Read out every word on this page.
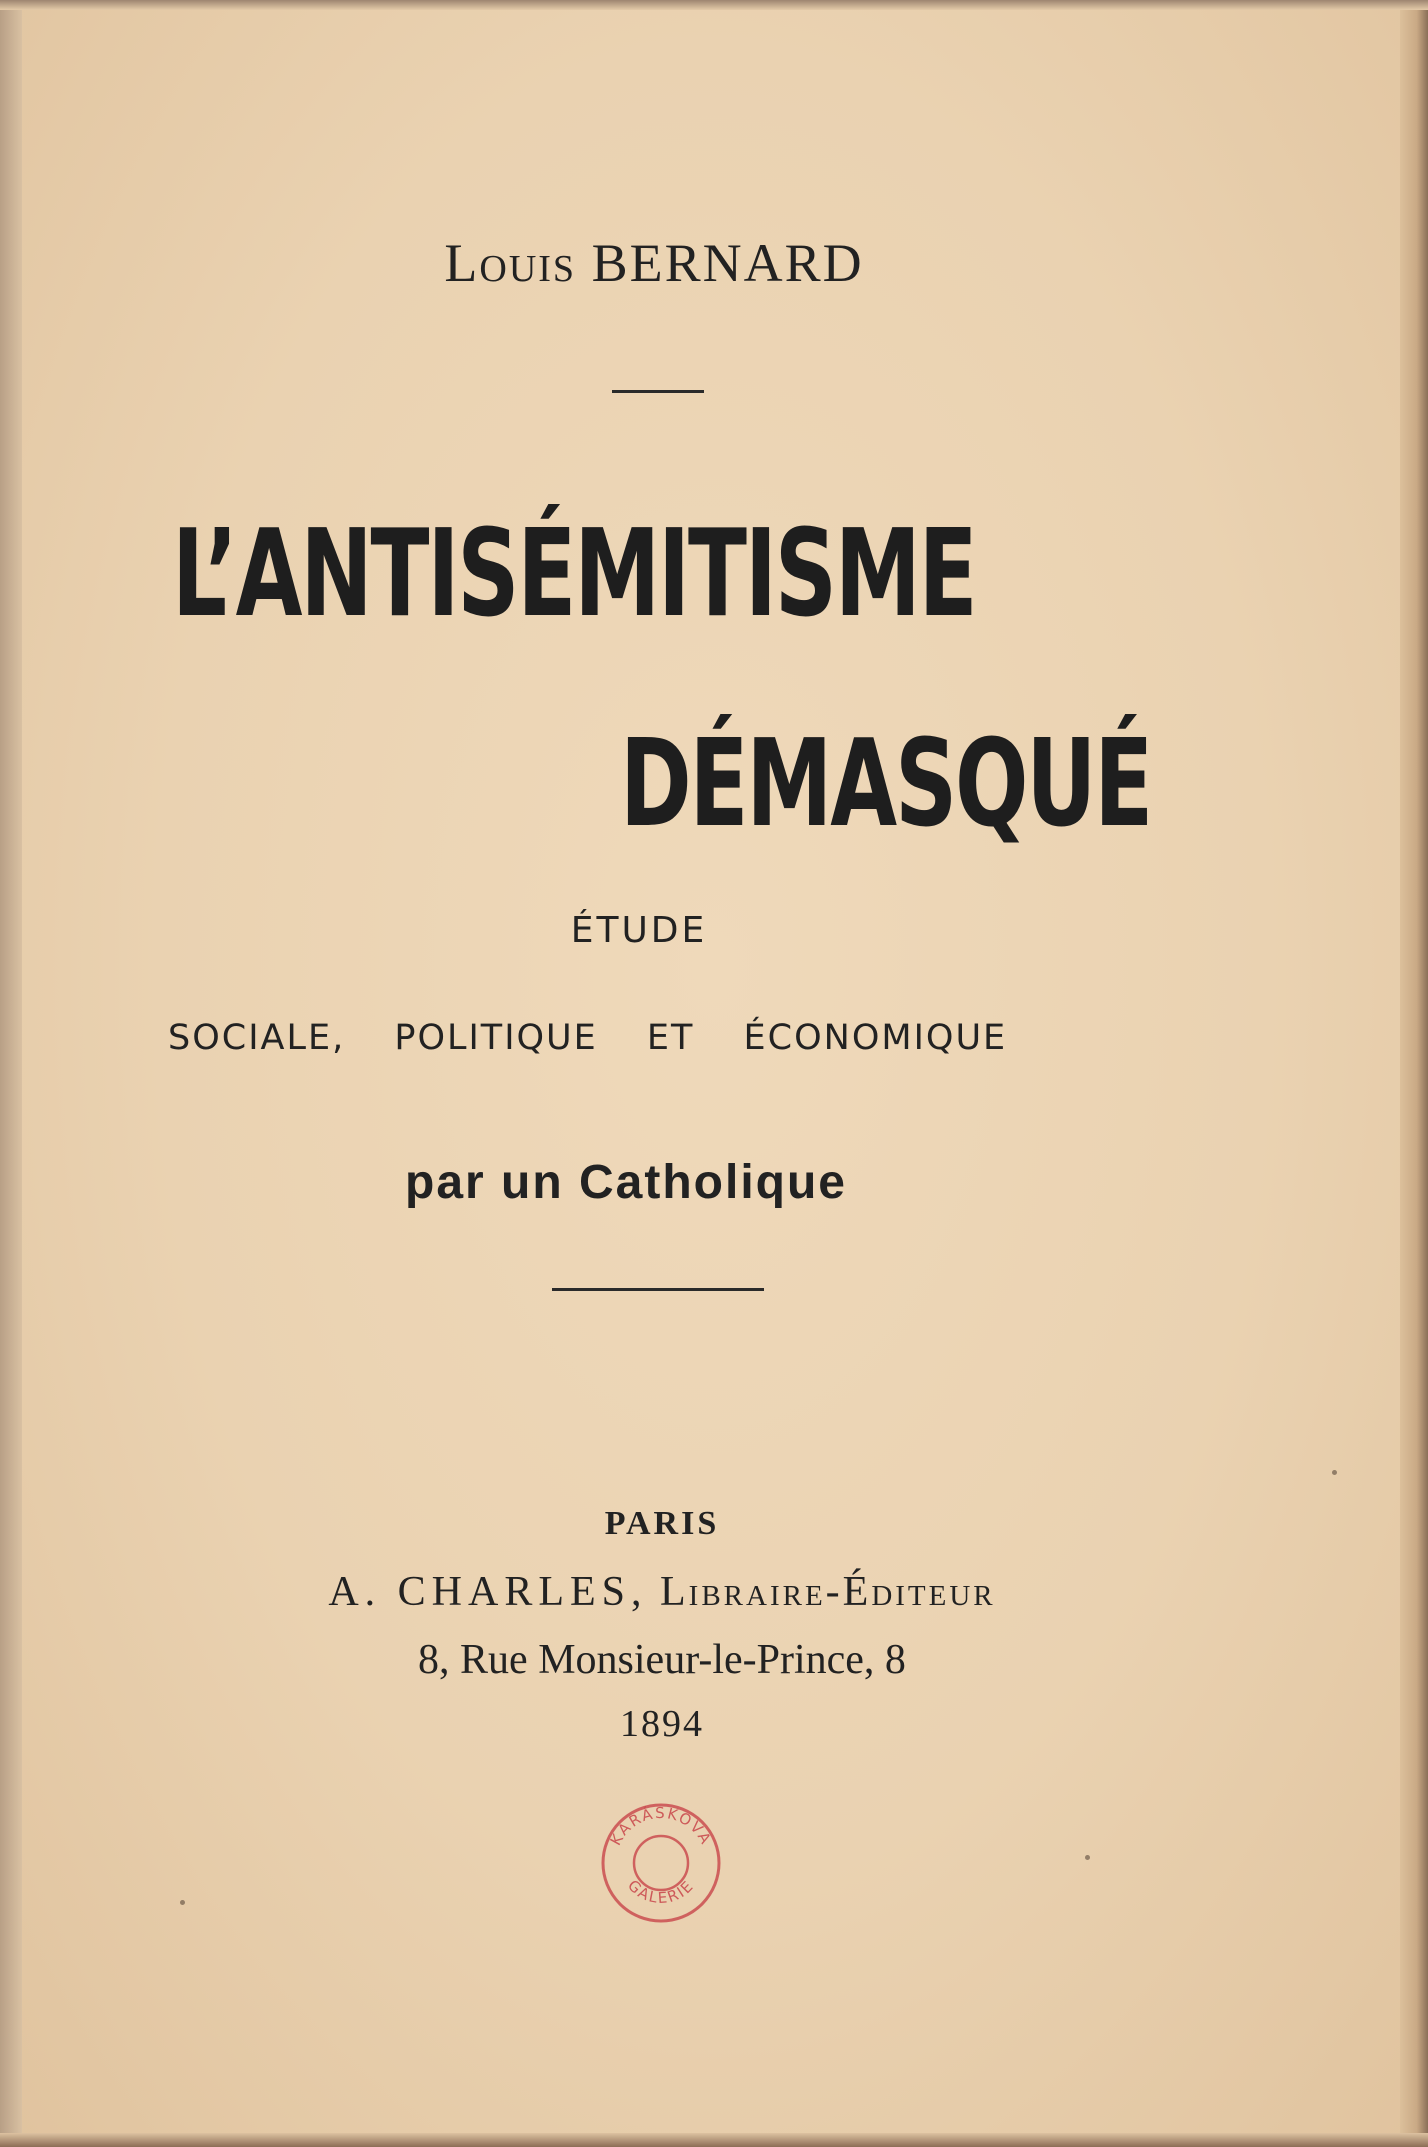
Louis BERNARD
L’ANTISÉMITISME
DÉMASQUÉ
ÉTUDE
SOCIALE, POLITIQUE ET ÉCONOMIQUE
par un Catholique
PARIS
A. CHARLES, Libraire-Éditeur
8, Rue Monsieur-le-Prince, 8
1894
KARÁSKOVA
GALERIE
